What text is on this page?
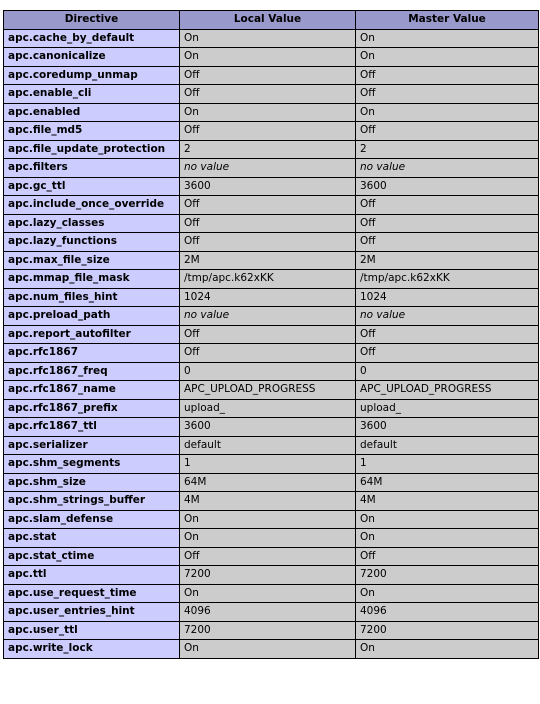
Directive	Local Value	Master Value
apc.cache_by_default	On	On
apc.canonicalize	On	On
apc.coredump_unmap	Off	Off
apc.enable_cli	Off	Off
apc.enabled	On	On
apc.file_md5	Off	Off
apc.file_update_protection	2	2
apc.filters	no value	no value
apc.gc_ttl	3600	3600
apc.include_once_override	Off	Off
apc.lazy_classes	Off	Off
apc.lazy_functions	Off	Off
apc.max_file_size	2M	2M
apc.mmap_file_mask	/tmp/apc.k62xKK	/tmp/apc.k62xKK
apc.num_files_hint	1024	1024
apc.preload_path	no value	no value
apc.report_autofilter	Off	Off
apc.rfc1867	Off	Off
apc.rfc1867_freq	0	0
apc.rfc1867_name	APC_UPLOAD_PROGRESS	APC_UPLOAD_PROGRESS
apc.rfc1867_prefix	upload_	upload_
apc.rfc1867_ttl	3600	3600
apc.serializer	default	default
apc.shm_segments	1	1
apc.shm_size	64M	64M
apc.shm_strings_buffer	4M	4M
apc.slam_defense	On	On
apc.stat	On	On
apc.stat_ctime	Off	Off
apc.ttl	7200	7200
apc.use_request_time	On	On
apc.user_entries_hint	4096	4096
apc.user_ttl	7200	7200
apc.write_lock	On	On
